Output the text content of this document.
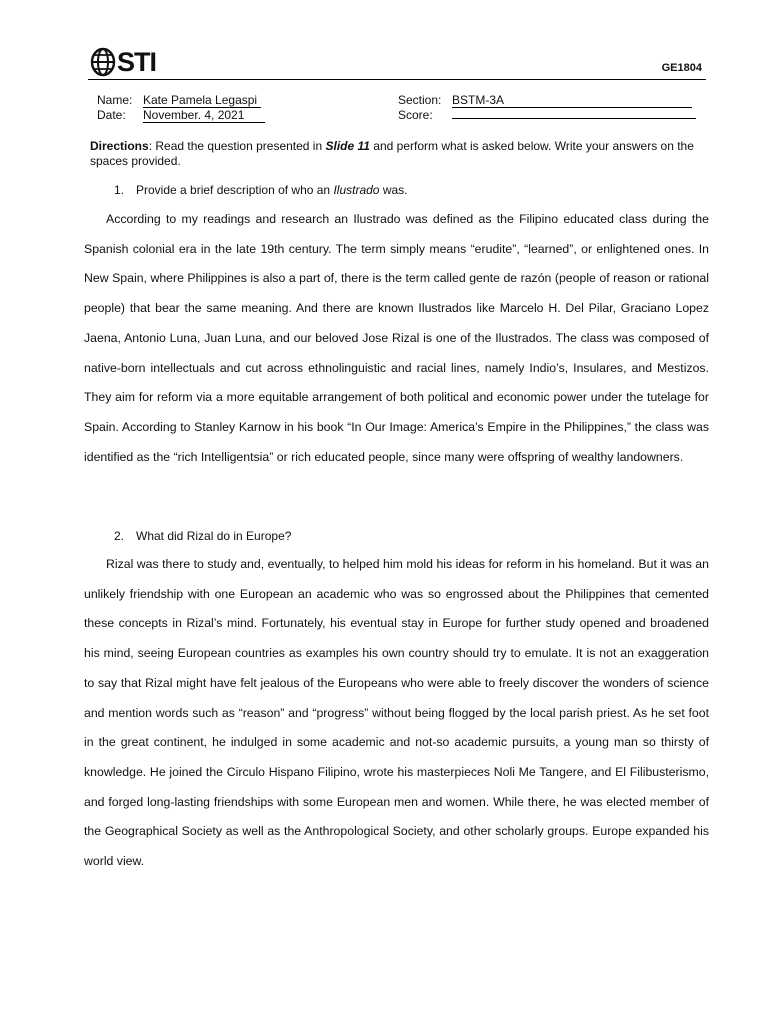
STI	GE1804
Name: Kate Pamela Legaspi
Date:	November. 4, 2021
Section: BSTM-3A
Score:
Directions: Read the question presented in Slide 11 and perform what is asked below. Write your answers on the spaces provided.
1. Provide a brief description of who an Ilustrado was.

According to my readings and research an Ilustrado was defined as the Filipino educated class during the Spanish colonial era in the late 19th century. The term simply means “erudite”, “learned”, or enlightened ones. In New Spain, where Philippines is also a part of, there is the term called gente de razón (people of reason or rational people) that bear the same meaning. And there are known Ilustrados like Marcelo H. Del Pilar, Graciano Lopez Jaena, Antonio Luna, Juan Luna, and our beloved Jose Rizal is one of the Ilustrados. The class was composed of native-born intellectuals and cut across ethnolinguistic and racial lines, namely Indio’s, Insulares, and Mestizos. They aim for reform via a more equitable arrangement of both political and economic power under the tutelage for Spain. According to Stanley Karnow in his book “In Our Image: America’s Empire in the Philippines,” the class was identified as the “rich Intelligentsia” or rich educated people, since many were offspring of wealthy landowners.

2. What did Rizal do in Europe?

Rizal was there to study and, eventually, to helped him mold his ideas for reform in his homeland. But it was an unlikely friendship with one European an academic who was so engrossed about the Philippines that cemented these concepts in Rizal’s mind. Fortunately, his eventual stay in Europe for further study opened and broadened his mind, seeing European countries as examples his own country should try to emulate. It is not an exaggeration to say that Rizal might have felt jealous of the Europeans who were able to freely discover the wonders of science and mention words such as “reason” and “progress” without being flogged by the local parish priest. As he set foot in the great continent, he indulged in some academic and not-so academic pursuits, a young man so thirsty of knowledge. He joined the Circulo Hispano Filipino, wrote his masterpieces Noli Me Tangere, and El Filibusterismo, and forged long-lasting friendships with some European men and women. While there, he was elected member of the Geographical Society as well as the Anthropological Society, and other scholarly groups. Europe expanded his world view.
